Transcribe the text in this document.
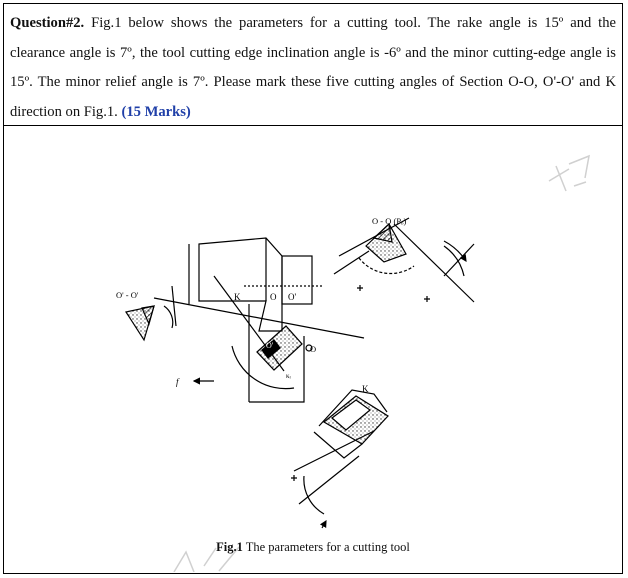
Question#2. Fig.1 below shows the parameters for a cutting tool. The rake angle is 15º and the clearance angle is 7º, the tool cutting edge inclination angle is -6º and the minor cutting-edge angle is 15º. The minor relief angle is 7º. Please mark these five cutting angles of Section O-O, O'-O' and K direction on Fig.1. (15 Marks)
O - O (Pₒ)
O' - O'	K	O O'
O'	O
K
f
κᵣ
Fig.1 The parameters for a cutting tool
